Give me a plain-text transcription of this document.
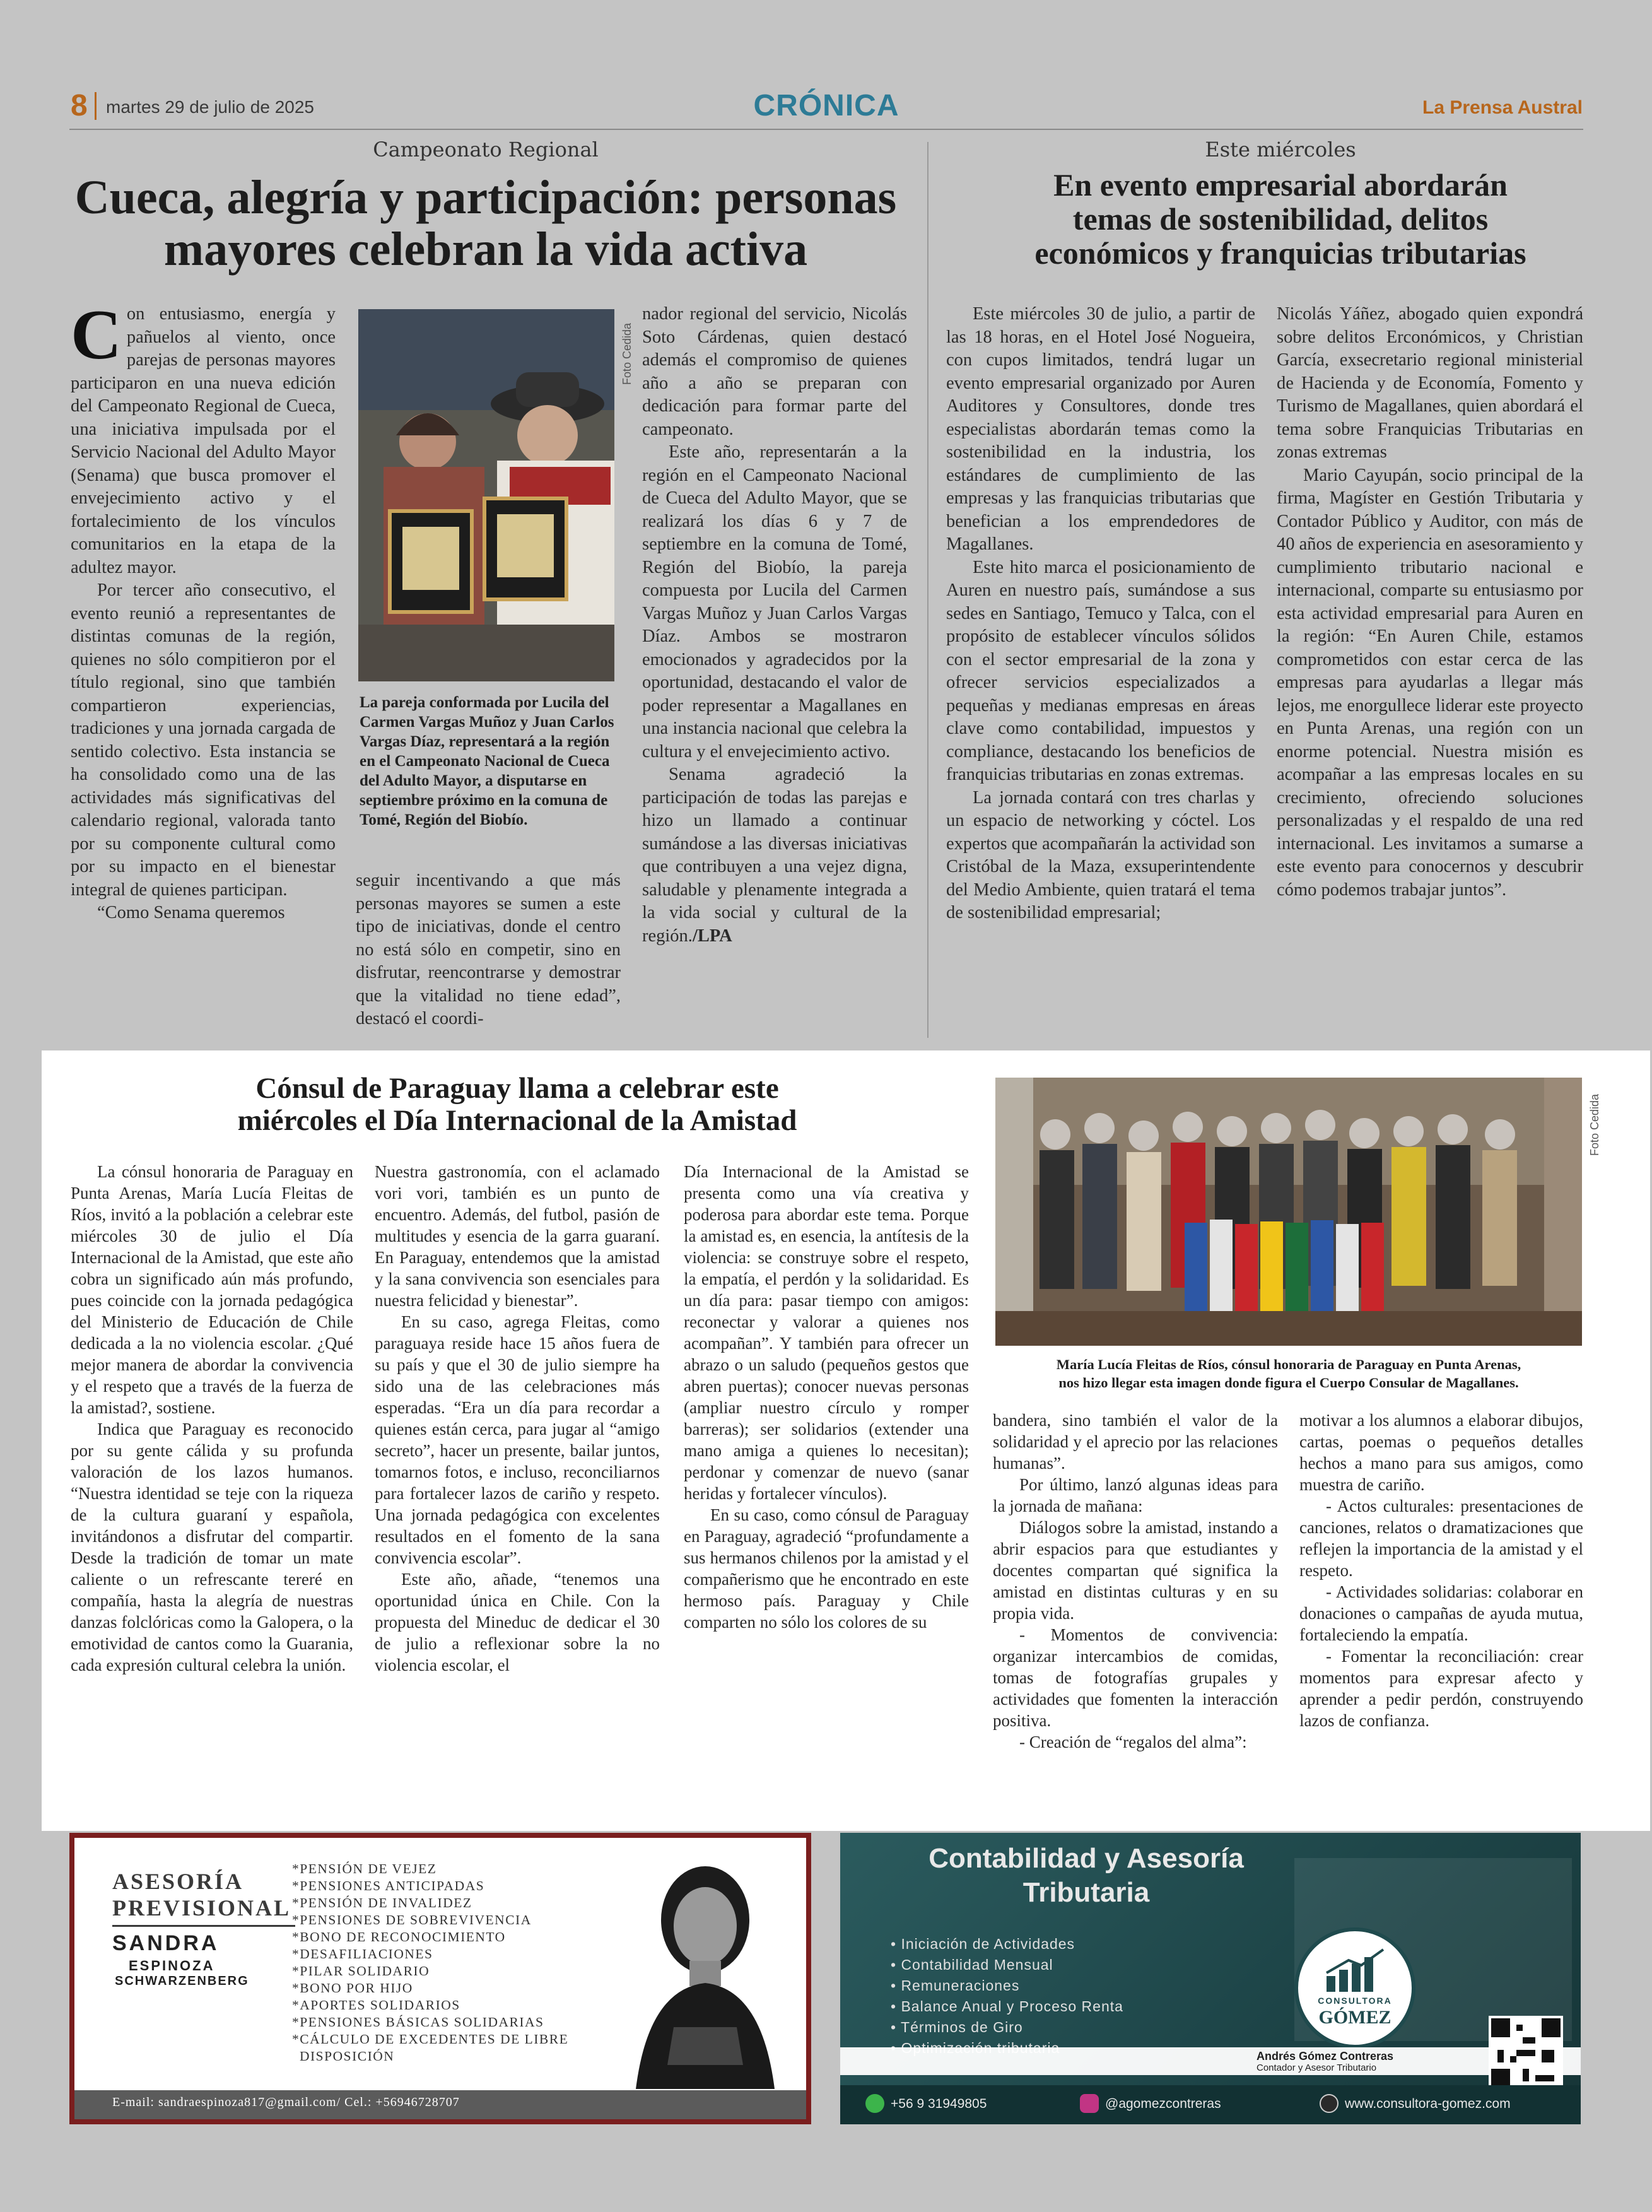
8 martes 29 de julio de 2025	CRÓNICA	La Prensa Austral
Campeonato Regional
Cueca, alegría y participación: personas
mayores celebran la vida activa

Con entusiasmo, energía y pañuelos al viento, once parejas de personas mayores participaron en una nueva edición del Campeonato Regional de Cueca, una iniciativa impulsada por el Servicio Nacional del Adulto Mayor (Senama) que busca promover el envejecimiento activo y el fortalecimiento de los vínculos comunitarios en la etapa de la adultez mayor.

Por tercer año consecutivo, el evento reunió a representantes de distintas comunas de la región, quienes no sólo compitieron por el título regional, sino que también compartieron experiencias, tradiciones y una jornada cargada de sentido colectivo. Esta instancia se ha consolidado como una de las actividades más significativas del calendario regional, valorada tanto por su componente cultural como por su impacto en el bienestar integral de quienes participan.

“Como Senama queremos

Foto Cedida
La pareja conformada por Lucila del Carmen Vargas Muñoz y Juan Carlos Vargas Díaz, representará a la región en el Campeonato Nacional de Cueca del Adulto Mayor, a disputarse en septiembre próximo en la comuna de Tomé, Región del Biobío.

seguir incentivando a que más personas mayores se sumen a este tipo de iniciativas, donde el centro no está sólo en competir, sino en disfrutar, reencontrarse y demostrar que la vitalidad no tiene edad”, destacó el coordi-

nador regional del servicio, Nicolás Soto Cárdenas, quien destacó además el compromiso de quienes año a año se preparan con dedicación para formar parte del campeonato.

Este año, representarán a la región en el Campeonato Nacional de Cueca del Adulto Mayor, que se realizará los días 6 y 7 de septiembre en la comuna de Tomé, Región del Biobío, la pareja compuesta por Lucila del Carmen Vargas Muñoz y Juan Carlos Vargas Díaz. Ambos se mostraron emocionados y agradecidos por la oportunidad, destacando el valor de poder representar a Magallanes en una instancia nacional que celebra la cultura y el envejecimiento activo.

Senama agradeció la participación de todas las parejas e hizo un llamado a continuar sumándose a las diversas iniciativas que contribuyen a una vejez digna, saludable y plenamente integrada a la vida social y cultural de la región./LPA

Este miércoles
En evento empresarial abordarán
temas de sostenibilidad, delitos
económicos y franquicias tributarias

Este miércoles 30 de julio, a partir de las 18 horas, en el Hotel José Nogueira, con cupos limitados, tendrá lugar un evento empresarial organizado por Auren Auditores y Consultores, donde tres especialistas abordarán temas como la sostenibilidad en la industria, los estándares de cumplimiento de las empresas y las franquicias tributarias que benefician a los emprendedores de Magallanes.

Este hito marca el posicionamiento de Auren en nuestro país, sumándose a sus sedes en Santiago, Temuco y Talca, con el propósito de establecer vínculos sólidos con el sector empresarial de la zona y ofrecer servicios especializados a pequeñas y medianas empresas en áreas clave como contabilidad, impuestos y compliance, destacando los beneficios de franquicias tributarias en zonas extremas.

La jornada contará con tres charlas y un espacio de networking y cóctel. Los expertos que acompañarán la actividad son Cristóbal de la Maza, exsuperintendente del Medio Ambiente, quien tratará el tema de sostenibilidad empresarial;

Nicolás Yáñez, abogado quien expondrá sobre delitos Erconómicos, y Christian García, exsecretario regional ministerial de Hacienda y de Economía, Fomento y Turismo de Magallanes, quien abordará el tema sobre Franquicias Tributarias en zonas extremas

Mario Cayupán, socio principal de la firma, Magíster en Gestión Tributaria y Contador Público y Auditor, con más de 40 años de experiencia en asesoramiento y cumplimiento tributario nacional e internacional, comparte su entusiasmo por esta actividad empresarial para Auren en la región: “En Auren Chile, estamos comprometidos con estar cerca de las empresas para ayudarlas a llegar más lejos, me enorgullece liderar este proyecto en Punta Arenas, una región con un enorme potencial. Nuestra misión es acompañar a las empresas locales en su crecimiento, ofreciendo soluciones personalizadas y el respaldo de una red internacional. Les invitamos a sumarse a este evento para conocernos y descubrir cómo podemos trabajar juntos”.

Cónsul de Paraguay llama a celebrar este
miércoles el Día Internacional de la Amistad	Foto Cedida
María Lucía Fleitas de Ríos, cónsul honoraria de Paraguay en Punta Arenas,
nos hizo llegar esta imagen donde figura el Cuerpo Consular de Magallanes.

La cónsul honoraria de Paraguay en Punta Arenas, María Lucía Fleitas de Ríos, invitó a la población a celebrar este miércoles 30 de julio el Día Internacional de la Amistad, que este año cobra un significado aún más profundo, pues coincide con la jornada pedagógica del Ministerio de Educación de Chile dedicada a la no violencia escolar. ¿Qué mejor manera de abordar la convivencia y el respeto que a través de la fuerza de la amistad?, sostiene.

Indica que Paraguay es reconocido por su gente cálida y su profunda valoración de los lazos humanos. “Nuestra identidad se teje con la riqueza de la cultura guaraní y española, invitándonos a disfrutar del compartir. Desde la tradición de tomar un mate caliente o un refrescante tereré en compañía, hasta la alegría de nuestras danzas folclóricas como la Galopera, o la emotividad de cantos como la Guarania, cada expresión cultural celebra la unión.

Nuestra gastronomía, con el aclamado vori vori, también es un punto de encuentro. Además, del futbol, pasión de multitudes y esencia de la garra guaraní. En Paraguay, entendemos que la amistad y la sana convivencia son esenciales para nuestra felicidad y bienestar”.

En su caso, agrega Fleitas, como paraguaya reside hace 15 años fuera de su país y que el 30 de julio siempre ha sido una de las celebraciones más esperadas. “Era un día para recordar a quienes están cerca, para jugar al “amigo secreto”, hacer un presente, bailar juntos, tomarnos fotos, e incluso, reconciliarnos para fortalecer lazos de cariño y respeto. Una jornada pedagógica con excelentes resultados en el fomento de la sana convivencia escolar”.

Este año, añade, “tenemos una oportunidad única en Chile. Con la propuesta del Mineduc de dedicar el 30 de julio a reflexionar sobre la no violencia escolar, el

Día Internacional de la Amistad se presenta como una vía creativa y poderosa para abordar este tema. Porque la amistad es, en esencia, la antítesis de la violencia: se construye sobre el respeto, la empatía, el perdón y la solidaridad. Es un día para: pasar tiempo con amigos: reconectar y valorar a quienes nos acompañan”. Y también para ofrecer un abrazo o un saludo (pequeños gestos que abren puertas); conocer nuevas personas (ampliar nuestro círculo y romper barreras); ser solidarios (extender una mano amiga a quienes lo necesitan); perdonar y comenzar de nuevo (sanar heridas y fortalecer vínculos).

En su caso, como cónsul de Paraguay en Paraguay, agradeció “profundamente a sus hermanos chilenos por la amistad y el compañerismo que he encontrado en este hermoso país. Paraguay y Chile comparten no sólo los colores de su

bandera, sino también el valor de la solidaridad y el aprecio por las relaciones humanas”.

Por último, lanzó algunas ideas para la jornada de mañana:

Diálogos sobre la amistad, instando a abrir espacios para que estudiantes y docentes compartan qué significa la amistad en distintas culturas y en su propia vida.

- Momentos de convivencia: organizar intercambios de comidas, tomas de fotografías grupales y actividades que fomenten la interacción positiva.

- Creación de “regalos del alma”:

motivar a los alumnos a elaborar dibujos, cartas, poemas o pequeños detalles hechos a mano para sus amigos, como muestra de cariño.

- Actos culturales: presentaciones de canciones, relatos o dramatizaciones que reflejen la importancia de la amistad y el respeto.

- Actividades solidarias: colaborar en donaciones o campañas de ayuda mutua, fortaleciendo la empatía.

- Fomentar la reconciliación: crear momentos para expresar afecto y aprender a pedir perdón, construyendo lazos de confianza.

ASESORÍA
PREVISIONAL
SANDRA
ESPINOZA
SCHWARZENBERG
*PENSIÓN DE VEJEZ
*PENSIONES ANTICIPADAS
*PENSIÓN DE INVALIDEZ
*PENSIONES DE SOBREVIVENCIA
*BONO DE RECONOCIMIENTO
*DESAFILIACIONES
*PILAR SOLIDARIO
*BONO POR HIJO
*APORTES SOLIDARIOS
*PENSIONES BÁSICAS SOLIDARIAS
*CÁLCULO DE EXCEDENTES DE LIBRE
DISPOSICIÓN
E-mail: sandraespinoza817@gmail.com/ Cel.: +56946728707
Contabilidad y Asesoría
Tributaria
• Iniciación de Actividades
• Contabilidad Mensual
• Remuneraciones
• Balance Anual y Proceso Renta
• Términos de Giro
CONSULTORA
GÓMEZ
Andrés Gómez Contreras
Contador y Asesor Tributario
+56 9 31949805	@agomezcontreras	www.consultora-gomez.com
